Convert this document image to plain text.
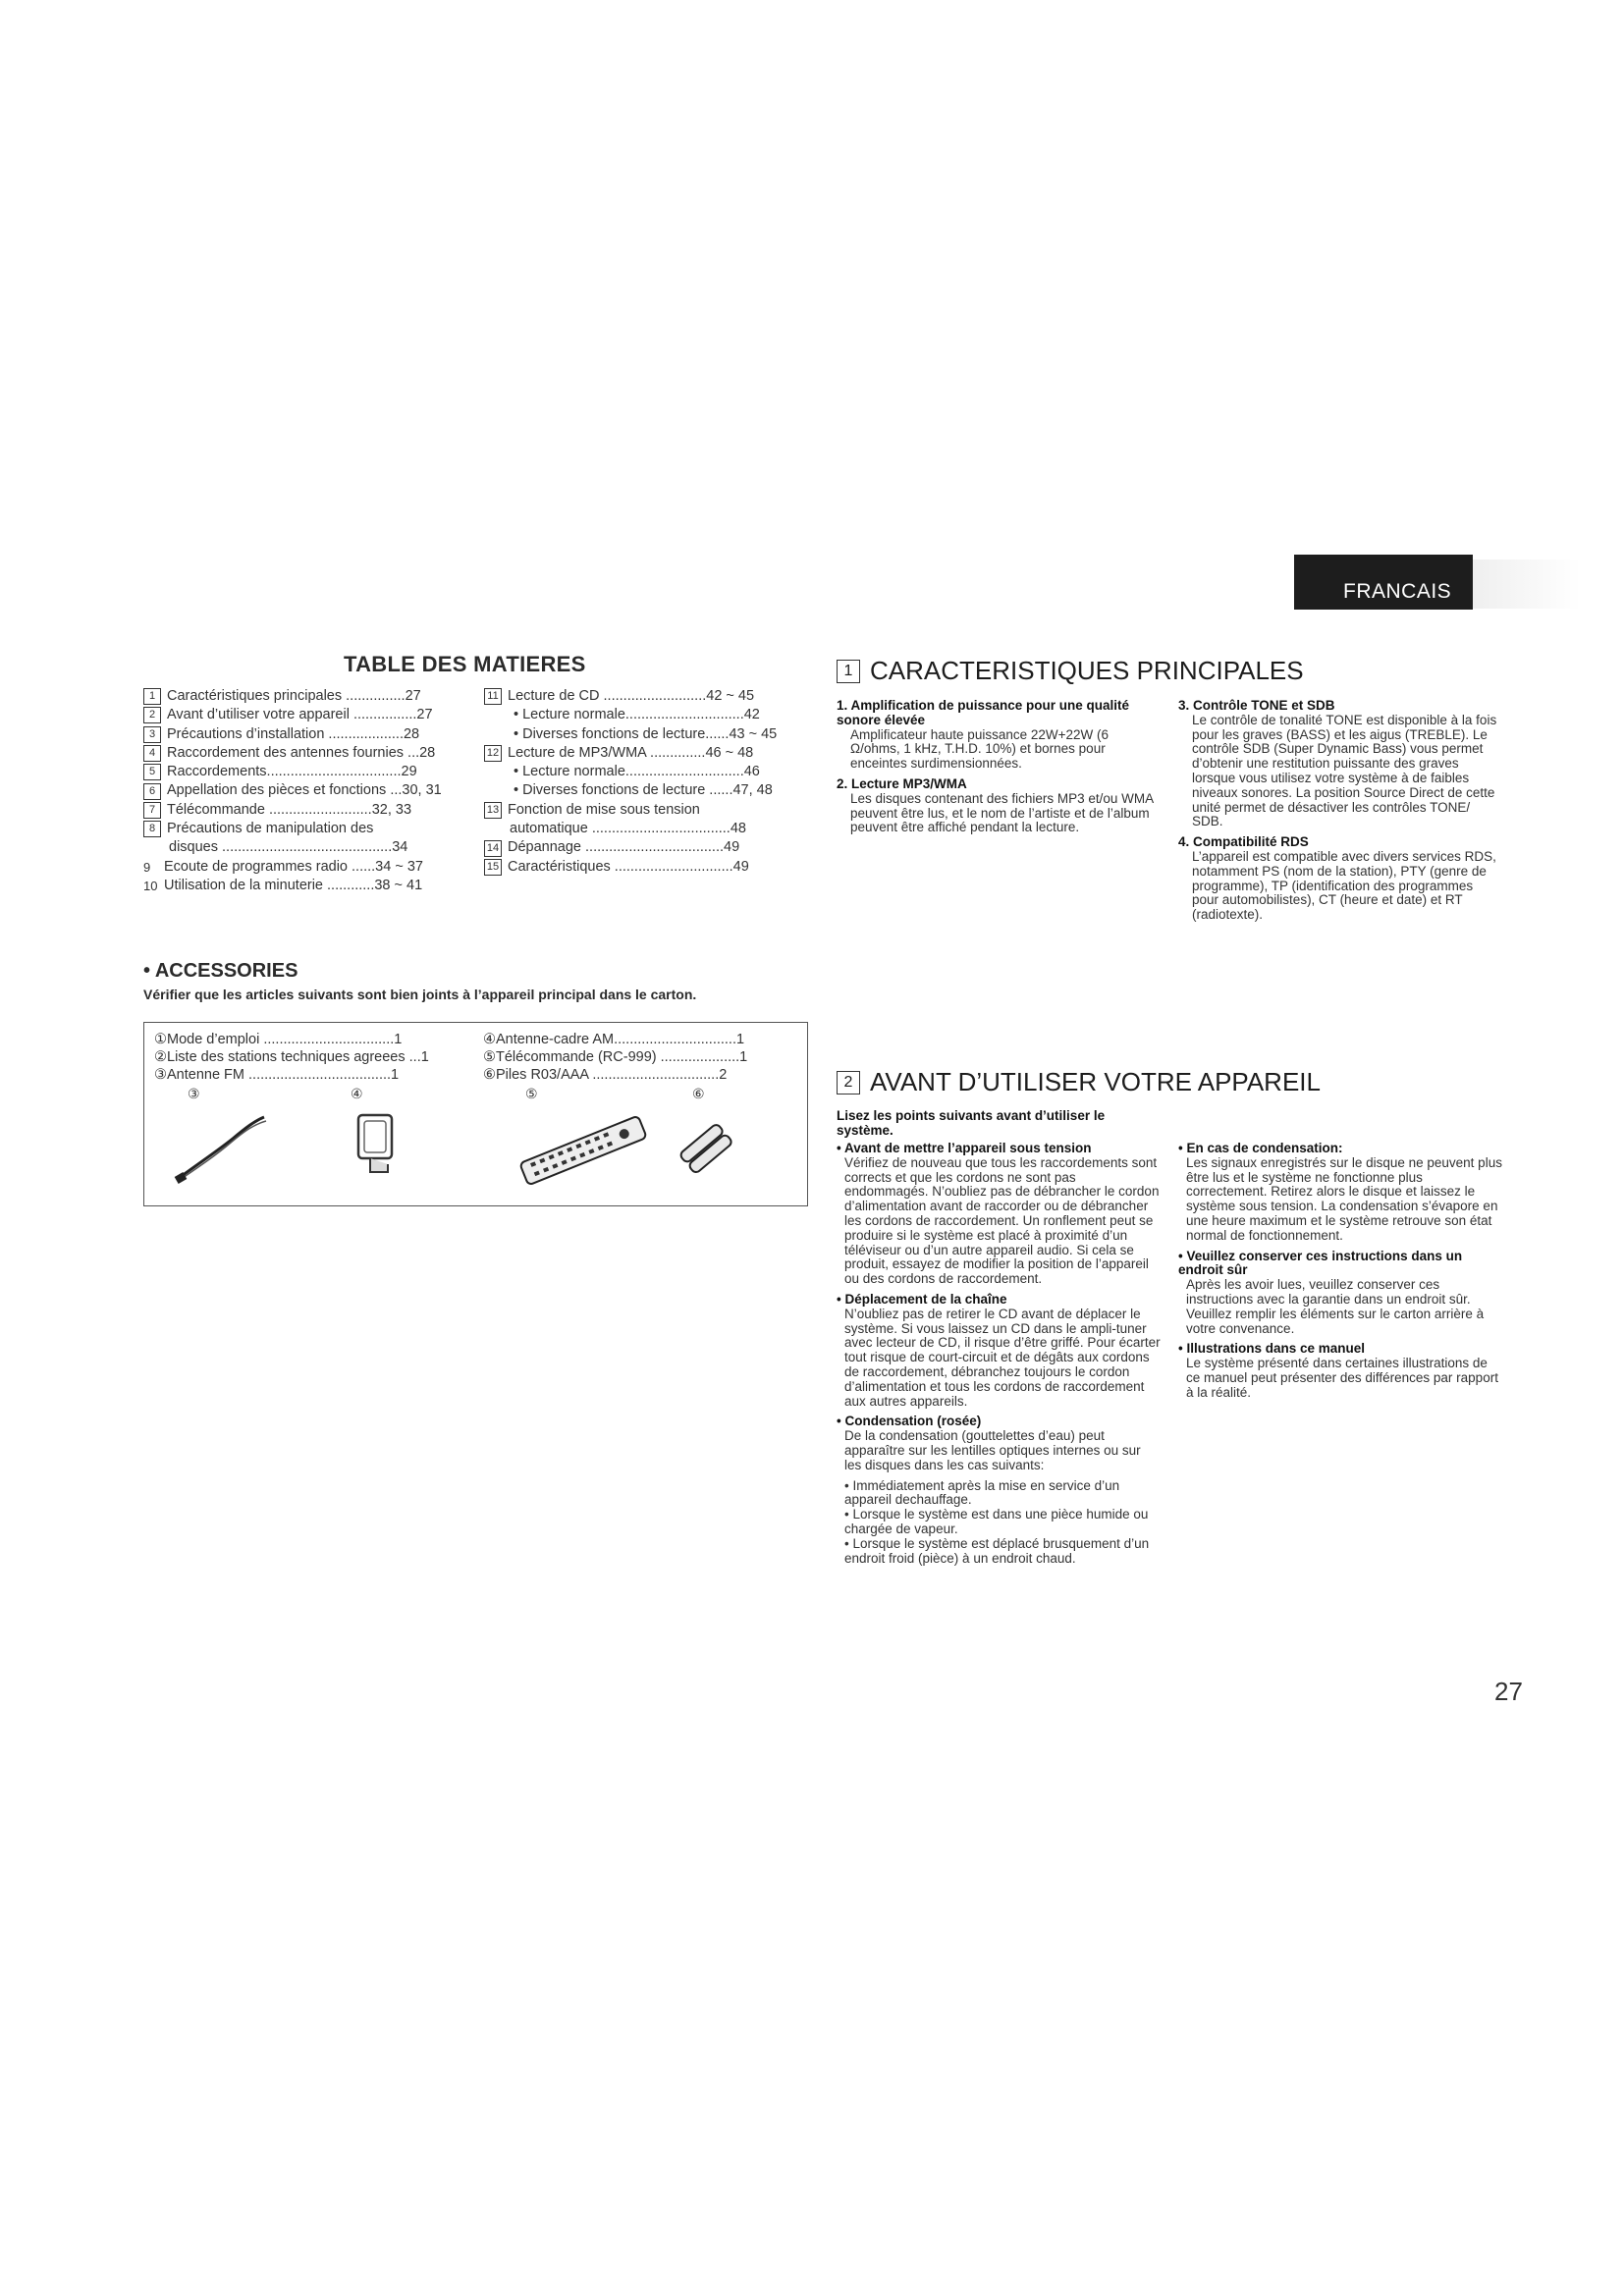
FRANCAIS
TABLE DES MATIERES
1 Caractéristiques principales ...............27
2 Avant d’utiliser votre appareil ................27
3 Précautions d’installation ...................28
4 Raccordement des antennes fournies ...28
5 Raccordements..................................29
6 Appellation des pièces et fonctions ...30, 31
7 Télécommande ..........................32, 33
8 Précautions de manipulation des
disques ...........................................34
9 Ecoute de programmes radio ......34 ~ 37
10 Utilisation de la minuterie ............38 ~ 41
11 Lecture de CD ..........................42 ~ 45
• Lecture normale..............................42
• Diverses fonctions de lecture......43 ~ 45
12 Lecture de MP3/WMA ..............46 ~ 48
• Lecture normale..............................46
• Diverses fonctions de lecture ......47, 48
13 Fonction de mise sous tension
automatique ...................................48
14 Dépannage ...................................49
15 Caractéristiques ..............................49
• ACCESSORIES
Vérifier que les articles suivants sont bien joints à l’appareil principal dans le carton.
①Mode d’emploi .................................1
②Liste des stations techniques agreees ...1
③Antenne FM ....................................1
④Antenne-cadre AM...............................1
⑤Télécommande (RC-999) ....................1
⑥Piles R03/AAA ................................2
③	④	⑤	⑥
1 CARACTERISTIQUES PRINCIPALES
1. Amplification de puissance pour une qualité sonore élevée
Amplificateur haute puissance 22W+22W (6 Ω/ohms, 1 kHz, T.H.D. 10%) et bornes pour enceintes surdimensionnées.
2. Lecture MP3/WMA
Les disques contenant des fichiers MP3 et/ou WMA peuvent être lus, et le nom de l’artiste et de l’album peuvent être affiché pendant la lecture.
3. Contrôle TONE et SDB
Le contrôle de tonalité TONE est disponible à la fois pour les graves (BASS) et les aigus (TREBLE). Le contrôle SDB (Super Dynamic Bass) vous permet d’obtenir une restitution puissante des graves lorsque vous utilisez votre système à de faibles niveaux sonores. La position Source Direct de cette unité permet de désactiver les contrôles TONE/ SDB.
4. Compatibilité RDS
L’appareil est compatible avec divers services RDS, notamment PS (nom de la station), PTY (genre de programme), TP (identification des programmes pour automobilistes), CT (heure et date) et RT (radiotexte).
2 AVANT D’UTILISER VOTRE APPAREIL
Lisez les points suivants avant d’utiliser le système.
• Avant de mettre l’appareil sous tension
Vérifiez de nouveau que tous les raccordements sont corrects et que les cordons ne sont pas endommagés. N’oubliez pas de débrancher le cordon d’alimentation avant de raccorder ou de débrancher les cordons de raccordement. Un ronflement peut se produire si le système est placé à proximité d’un téléviseur ou d’un autre appareil audio. Si cela se produit, essayez de modifier la position de l’appareil ou des cordons de raccordement.
• Déplacement de la chaîne
N’oubliez pas de retirer le CD avant de déplacer le système. Si vous laissez un CD dans le ampli-tuner avec lecteur de CD, il risque d’être griffé. Pour écarter tout risque de court-circuit et de dégâts aux cordons de raccordement, débranchez toujours le cordon d’alimentation et tous les cordons de raccordement aux autres appareils.
• Condensation (rosée)
De la condensation (gouttelettes d’eau) peut apparaître sur les lentilles optiques internes ou sur les disques dans les cas suivants:
• Immédiatement après la mise en service d’un appareil dechauffage.
• Lorsque le système est dans une pièce humide ou chargée de vapeur.
• Lorsque le système est déplacé brusquement d’un endroit froid (pièce) à un endroit chaud.
• En cas de condensation:
Les signaux enregistrés sur le disque ne peuvent plus être lus et le système ne fonctionne plus correctement. Retirez alors le disque et laissez le système sous tension. La condensation s’évapore en une heure maximum et le système retrouve son état normal de fonctionnement.
• Veuillez conserver ces instructions dans un endroit sûr
Après les avoir lues, veuillez conserver ces instructions avec la garantie dans un endroit sûr. Veuillez remplir les éléments sur le carton arrière à votre convenance.
• Illustrations dans ce manuel
Le système présenté dans certaines illustrations de ce manuel peut présenter des différences par rapport à la réalité.
27
